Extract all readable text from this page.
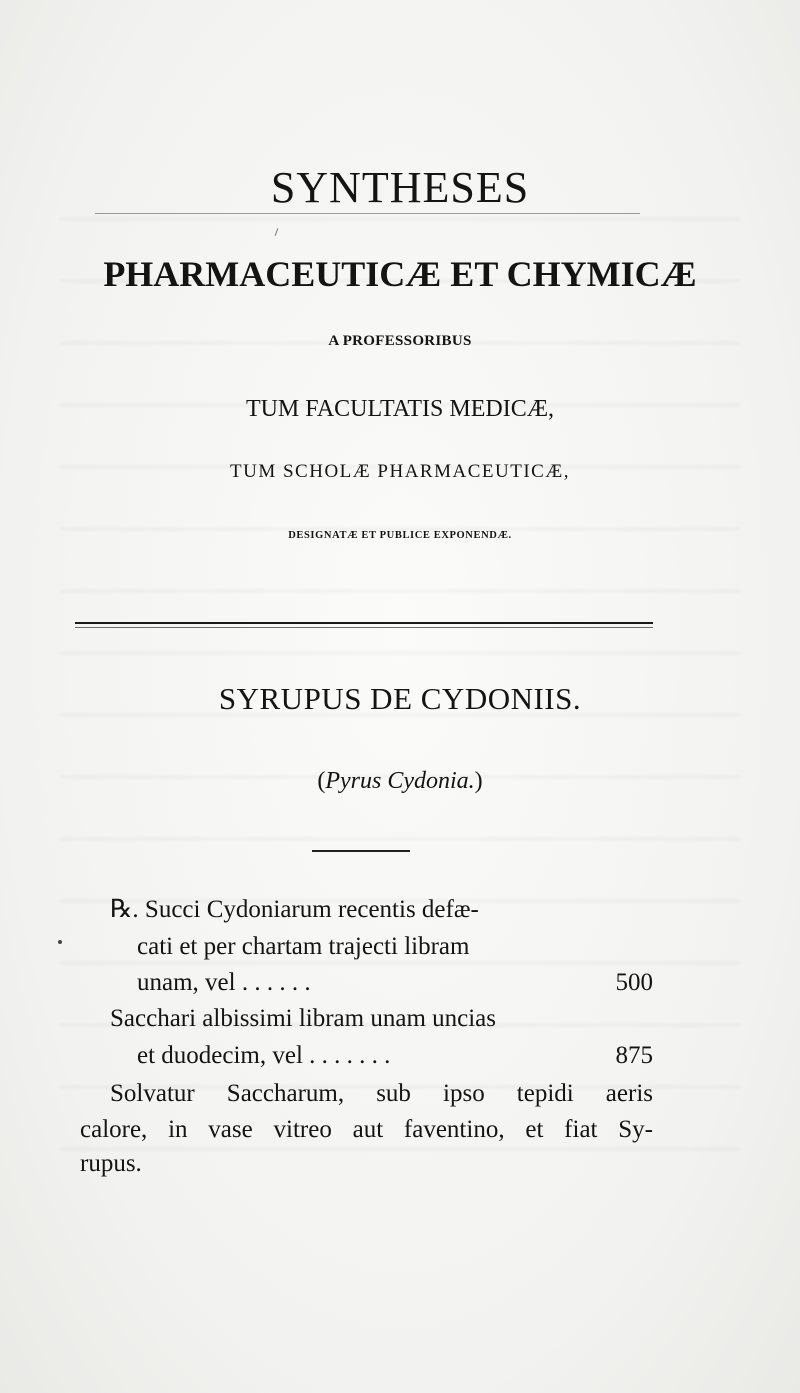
SYNTHESES
PHARMACEUTICÆ ET CHYMICÆ
A PROFESSORIBUS
TUM FACULTATIS MEDICÆ,
TUM SCHOLÆ PHARMACEUTICÆ,
DESIGNATÆ ET PUBLICE EXPONENDÆ.
SYRUPUS DE CYDONIIS.
(Pyrus Cydonia.)
℞. Succi Cydoniarum recentis defæ-
cati et per chartam trajecti libram
unam, vel . . . . . .	500
Sacchari albissimi libram unam uncias
et duodecim, vel . . . . . . .	875
Solvatur Saccharum, sub ipso tepidi aeris
calore, in vase vitreo aut faventino, et fiat Sy-
rupus.
